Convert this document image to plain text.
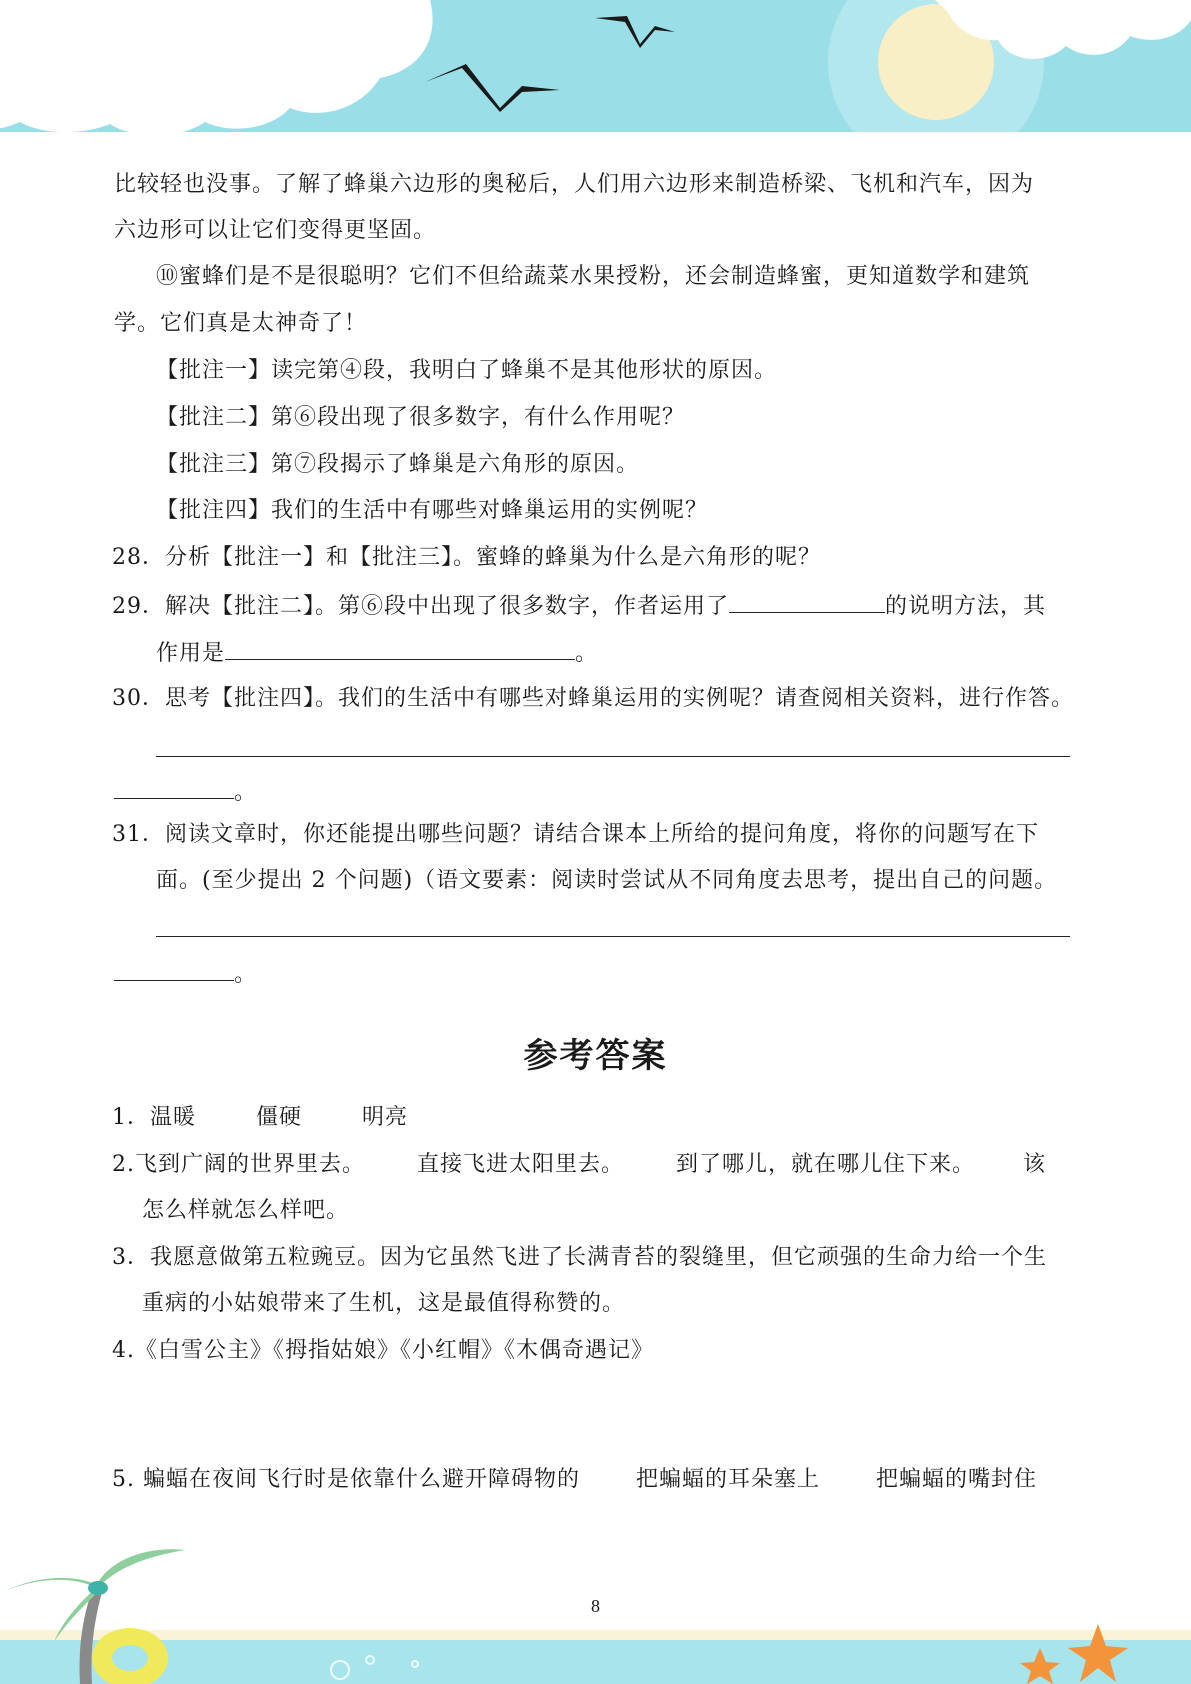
比较轻也没事。了解了蜂巢六边形的奥秘后，人们用六边形来制造桥梁、飞机和汽车，因为
六边形可以让它们变得更坚固。
⑩蜜蜂们是不是很聪明？它们不但给蔬菜水果授粉，还会制造蜂蜜，更知道数学和建筑
学。它们真是太神奇了！
【批注一】读完第④段，我明白了蜂巢不是其他形状的原因。
【批注二】第⑥段出现了很多数字，有什么作用呢？
【批注三】第⑦段揭示了蜂巢是六角形的原因。
【批注四】我们的生活中有哪些对蜂巢运用的实例呢？
28．分析【批注一】和【批注三】。蜜蜂的蜂巢为什么是六角形的呢？
29．解决【批注二】。第⑥段中出现了很多数字，作者运用了	的说明方法，其
作用是	。
30．思考【批注四】。我们的生活中有哪些对蜂巢运用的实例呢？请查阅相关资料，进行作答。
。
31．阅读文章时，你还能提出哪些问题？请结合课本上所给的提问角度，将你的问题写在下
面。(至少提出 2 个问题)（语文要素：阅读时尝试从不同角度去思考，提出自己的问题。
。
参考答案
1．温暖	僵硬	明亮
2.飞到广阔的世界里去。 直接飞进太阳里去。 到了哪儿，就在哪儿住下来。 该
怎么样就怎么样吧。
3．我愿意做第五粒豌豆。因为它虽然飞进了长满青苔的裂缝里，但它顽强的生命力给一个生
重病的小姑娘带来了生机，这是最值得称赞的。
4.《白雪公主》《拇指姑娘》《小红帽》《木偶奇遇记》
5. 蝙蝠在夜间飞行时是依靠什么避开障碍物的	把蝙蝠的耳朵塞上	把蝙蝠的嘴封住
8
